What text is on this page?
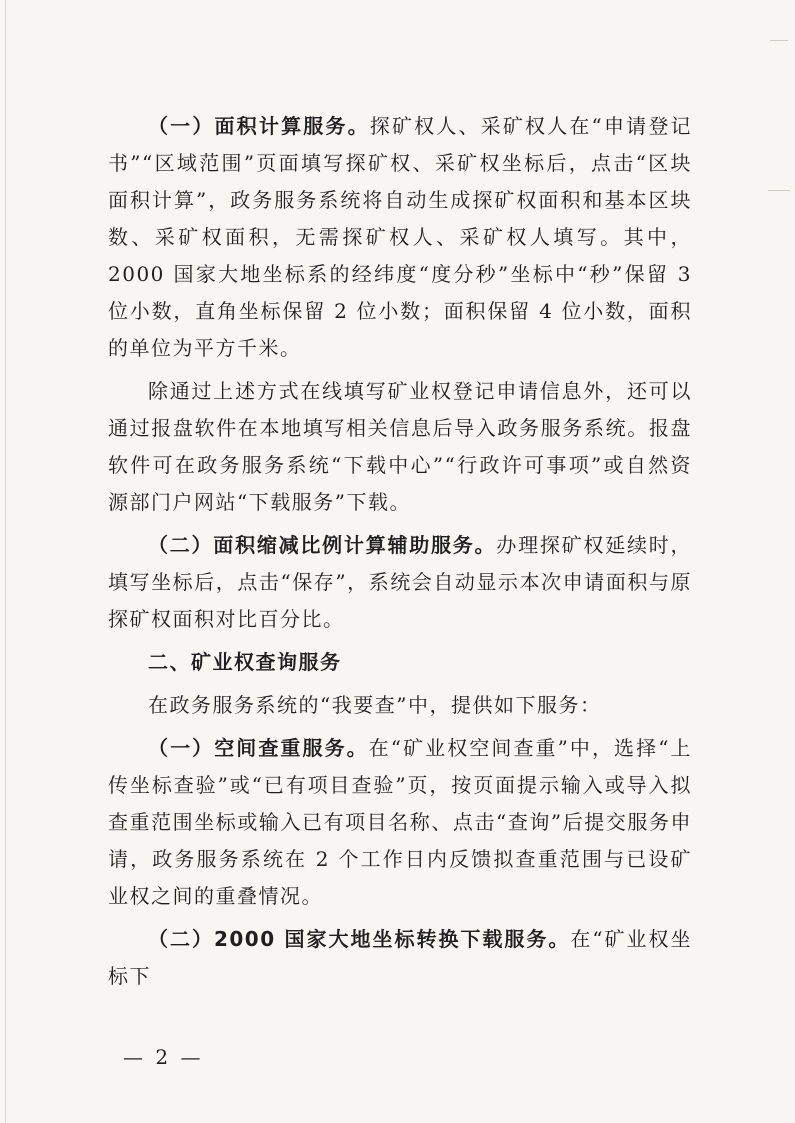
（一）面积计算服务。探矿权人、采矿权人在“申请登记书”“区域范围”页面填写探矿权、采矿权坐标后，点击“区块面积计算”，政务服务系统将自动生成探矿权面积和基本区块数、采矿权面积，无需探矿权人、采矿权人填写。其中，2000 国家大地坐标系的经纬度“度分秒”坐标中“秒”保留 3 位小数，直角坐标保留 2 位小数；面积保留 4 位小数，面积的单位为平方千米。

除通过上述方式在线填写矿业权登记申请信息外，还可以通过报盘软件在本地填写相关信息后导入政务服务系统。报盘软件可在政务服务系统“下载中心”“行政许可事项”或自然资源部门户网站“下载服务”下载。

（二）面积缩减比例计算辅助服务。办理探矿权延续时，填写坐标后，点击“保存”，系统会自动显示本次申请面积与原探矿权面积对比百分比。

二、矿业权查询服务

在政务服务系统的“我要查”中，提供如下服务：

（一）空间查重服务。在“矿业权空间查重”中，选择“上传坐标查验”或“已有项目查验”页，按页面提示输入或导入拟查重范围坐标或输入已有项目名称、点击“查询”后提交服务申请，政务服务系统在 2 个工作日内反馈拟查重范围与已设矿业权之间的重叠情况。

（二）2000 国家大地坐标转换下载服务。在“矿业权坐标下

— 2 —
